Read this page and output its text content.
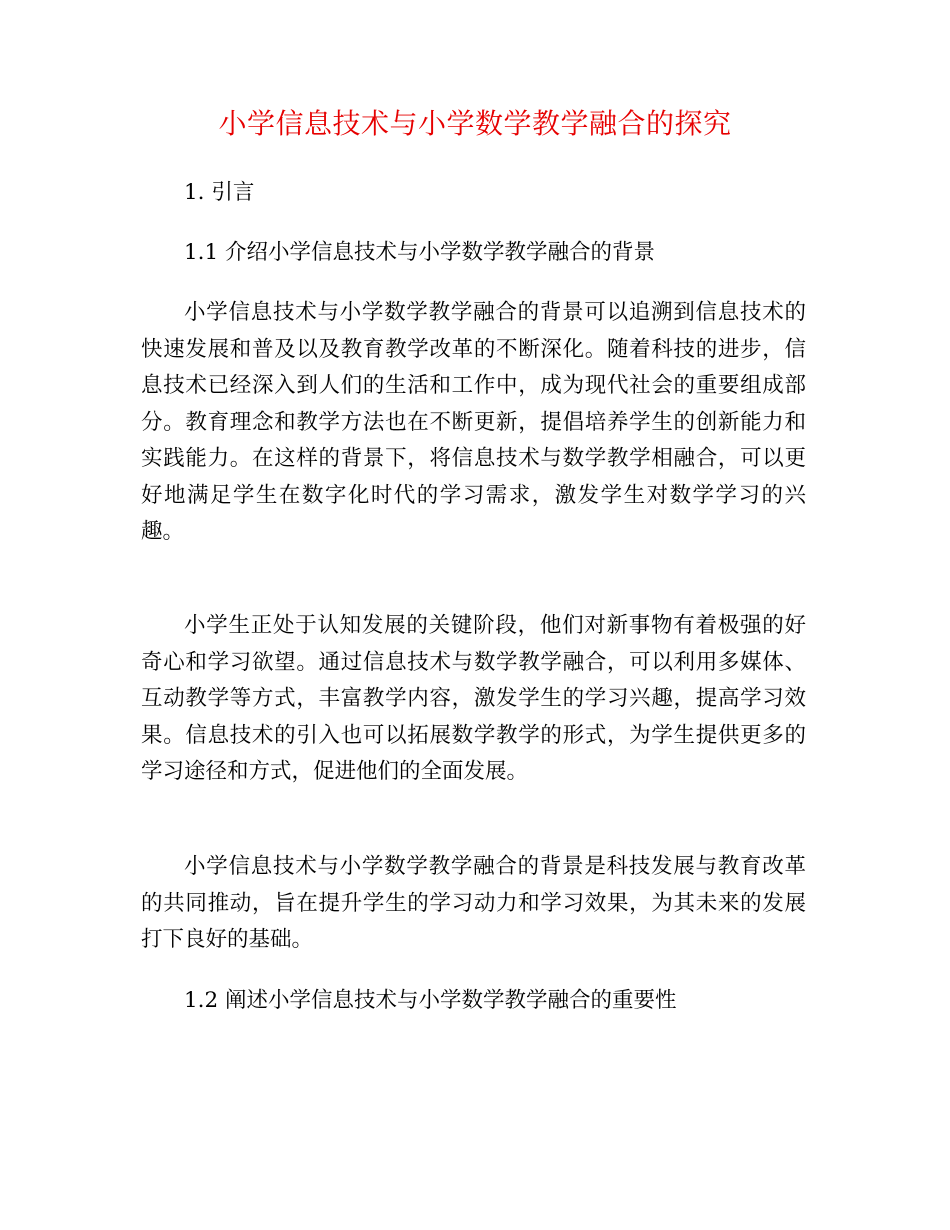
小学信息技术与小学数学教学融合的探究
1. 引言
1.1 介绍小学信息技术与小学数学教学融合的背景

小学信息技术与小学数学教学融合的背景可以追溯到信息技术的快速发展和普及以及教育教学改革的不断深化。随着科技的进步，信息技术已经深入到人们的生活和工作中，成为现代社会的重要组成部分。教育理念和教学方法也在不断更新，提倡培养学生的创新能力和实践能力。在这样的背景下，将信息技术与数学教学相融合，可以更好地满足学生在数字化时代的学习需求，激发学生对数学学习的兴趣。

小学生正处于认知发展的关键阶段，他们对新事物有着极强的好奇心和学习欲望。通过信息技术与数学教学融合，可以利用多媒体、互动教学等方式，丰富教学内容，激发学生的学习兴趣，提高学习效果。信息技术的引入也可以拓展数学教学的形式，为学生提供更多的学习途径和方式，促进他们的全面发展。

小学信息技术与小学数学教学融合的背景是科技发展与教育改革的共同推动，旨在提升学生的学习动力和学习效果，为其未来的发展打下良好的基础。

1.2 阐述小学信息技术与小学数学教学融合的重要性
